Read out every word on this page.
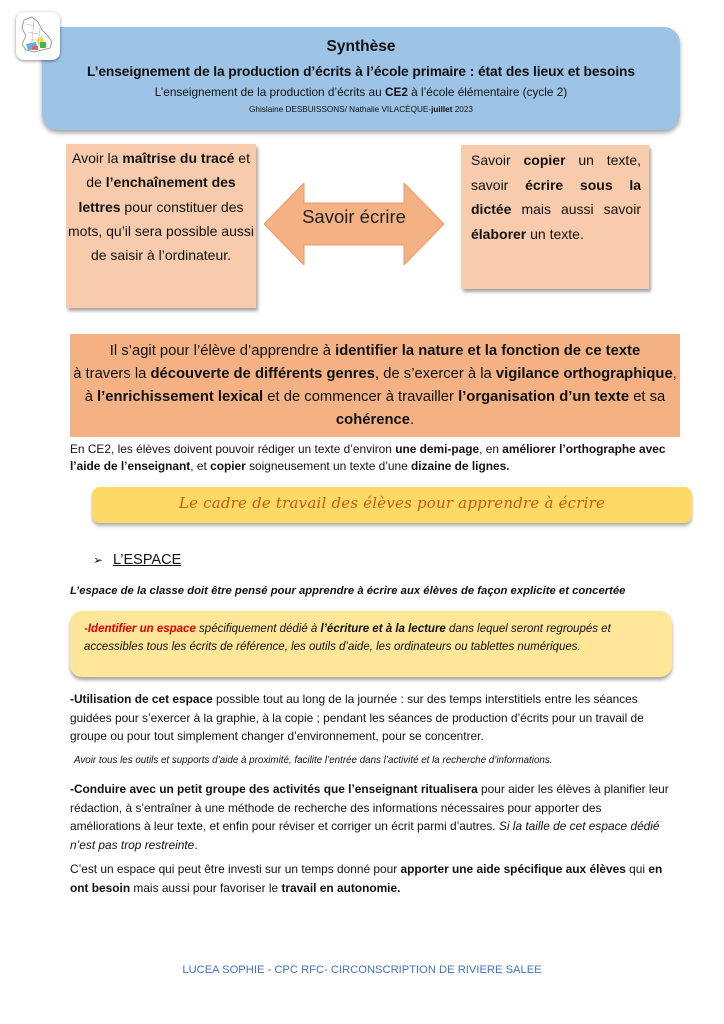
Synthèse
L’enseignement de la production d’écrits à l’école primaire : état des lieux et besoins
L’enseignement de la production d’écrits au CE2 à l’école élémentaire (cycle 2)
Ghislaine DESBUISSONS/ Nathalie VILACÈQUE-juillet 2023
Avoir la maîtrise du tracé et de l’enchaînement des lettres pour constituer des mots, qu’il sera possible aussi de saisir à l’ordinateur.
Savoir écrire
Savoir copier un texte, savoir écrire sous la dictée mais aussi savoir élaborer un texte.
Il s’agit pour l’élève d’apprendre à identifier la nature et la fonction de ce texte
à travers la découverte de différents genres, de s’exercer à la vigilance orthographique, à l’enrichissement lexical et de commencer à travailler l’organisation d’un texte et sa cohérence.
En CE2, les élèves doivent pouvoir rédiger un texte d’environ une demi-page, en améliorer l’orthographe avec l’aide de l’enseignant, et copier soigneusement un texte d’une dizaine de lignes.
Le cadre de travail des élèves pour apprendre à écrire
➢ L’ESPACE
L’espace de la classe doit être pensé pour apprendre à écrire aux élèves de façon explicite et concertée
-Identifier un espace spécifiquement dédié à l’écriture et à la lecture dans lequel seront regroupés et accessibles tous les écrits de référence, les outils d’aide, les ordinateurs ou tablettes numériques.
-Utilisation de cet espace possible tout au long de la journée : sur des temps interstitiels entre les séances guidées pour s’exercer à la graphie, à la copie ; pendant les séances de production d’écrits pour un travail de groupe ou pour tout simplement changer d’environnement, pour se concentrer.
Avoir tous les outils et supports d’aide à proximité, facilite l’entrée dans l’activité et la recherche d’informations.
-Conduire avec un petit groupe des activités que l’enseignant ritualisera pour aider les élèves à planifier leur rédaction, à s’entraîner à une méthode de recherche des informations nécessaires pour apporter des améliorations à leur texte, et enfin pour réviser et corriger un écrit parmi d’autres. Si la taille de cet espace dédié n’est pas trop restreinte.
C’est un espace qui peut être investi sur un temps donné pour apporter une aide spécifique aux élèves qui en ont besoin mais aussi pour favoriser le travail en autonomie.
LUCEA SOPHIE - CPC RFC- CIRCONSCRIPTION DE RIVIERE SALEE
